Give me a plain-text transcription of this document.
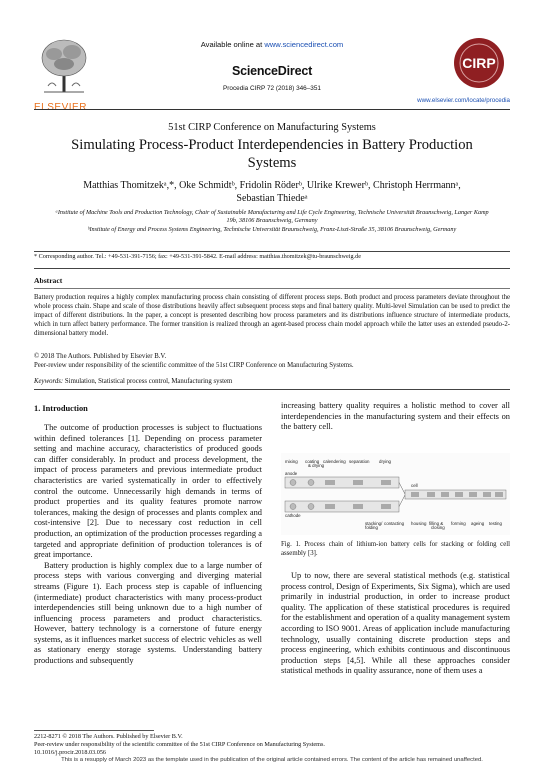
ELSEVIER
Available online at www.sciencedirect.com
ScienceDirect
Procedia CIRP 72 (2018) 346–351
CIRP
www.elsevier.com/locate/procedia
51st CIRP Conference on Manufacturing Systems
Simulating Process-Product Interdependencies in Battery Production
Systems
Matthias Thomitzekᵃ,*, Oke Schmidtᵇ, Fridolin Röderᵇ, Ulrike Krewerᵇ, Christoph Herrmannᵃ,
Sebastian Thiedeᵃ
ᵃInstitute of Machine Tools and Production Technology, Chair of Sustainable Manufacturing and Life Cycle Engineering, Technische Universität Braunschweig, Langer Kamp 19b, 38106 Braunschweig, Germany
ᵇInstitute of Energy and Process Systems Engineering, Technische Universität Braunschweig, Franz-Liszt-Straße 35, 38106 Braunschweig, Germany
* Corresponding author. Tel.: +49-531-391-7156; fax: +49-531-391-5842. E-mail address: matthias.thomitzek@tu-braunschweig.de
Abstract
Battery production requires a highly complex manufacturing process chain consisting of different process steps. Both product and process parameters deviate throughout the whole process chain. Shape and scale of those distributions heavily affect subsequent process steps and final battery quality. Multi-level Simulation can be used to predict the impact of different distributions. In the paper, a concept is presented describing how process parameters and its distributions influence structure of intermediate products, which in turn affect battery performance. The former transition is realized through an agent-based process chain model approach while the latter uses an extended pseudo-2-dimensional battery model.
© 2018 The Authors. Published by Elsevier B.V.
Peer-review under responsibility of the scientific committee of the 51st CIRP Conference on Manufacturing Systems.
Keywords: Simulation, Statistical process control, Manufacturing system
1. Introduction

The outcome of production processes is subject to fluctuations within defined tolerances [1]. Depending on process parameter setting and machine accuracy, characteristics of produced goods can differ considerably. In product and process development, the impact of process parameters and previous intermediate product characteristics are varied systematically in order to effectively control the outcome. Unnecessarily high demands in terms of product properties and its quality features promote narrow tolerances, making the design of processes and plants complex and cost-intensive [2]. Due to necessary cost reduction in cell production, an optimization of the production processes regarding a targeted and appropriate definition of production tolerances is of great importance.

Battery production is highly complex due to a large number of process steps with various converging and diverging material streams (Figure 1). Each process step is capable of influencing (intermediate) product characteristics with many process-product interdependencies still being unknown due to a high number of influencing process parameters and product characteristics. However, battery technology is a cornerstone of future energy systems, as it influences market success of electric vehicles as well as stationary energy storage systems. Understanding battery productions and subsequently

increasing battery quality requires a holistic method to cover all interdependencies in the manufacturing system and their effects on the battery cell.

mixing coating
& drying
calendering separation drying
anode
cathode
cell
stacking/
folding
contacting housing filling &
closing
forming ageing testing
Fig. 1. Process chain of lithium-ion battery cells for stacking or folding cell assembly [3].

Up to now, there are several statistical methods (e.g. statistical process control, Design of Experiments, Six Sigma), which are used primarily in industrial production, in order to increase product quality. The application of these statistical procedures is required for the establishment and operation of a quality management system according to ISO 9001. Areas of application include manufacturing technology, usually containing discrete production steps and process engineering, which exhibits continuous and discontinuous production steps [4,5]. While all these approaches consider statistical methods in quality assurance, none of them uses a

2212-8271 © 2018 The Authors. Published by Elsevier B.V.
Peer-review under responsibility of the scientific committee of the 51st CIRP Conference on Manufacturing Systems.
10.1016/j.procir.2018.03.056
This is a resupply of March 2023 as the template used in the publication of the original article contained errors. The content of the article has remained unaffected.
